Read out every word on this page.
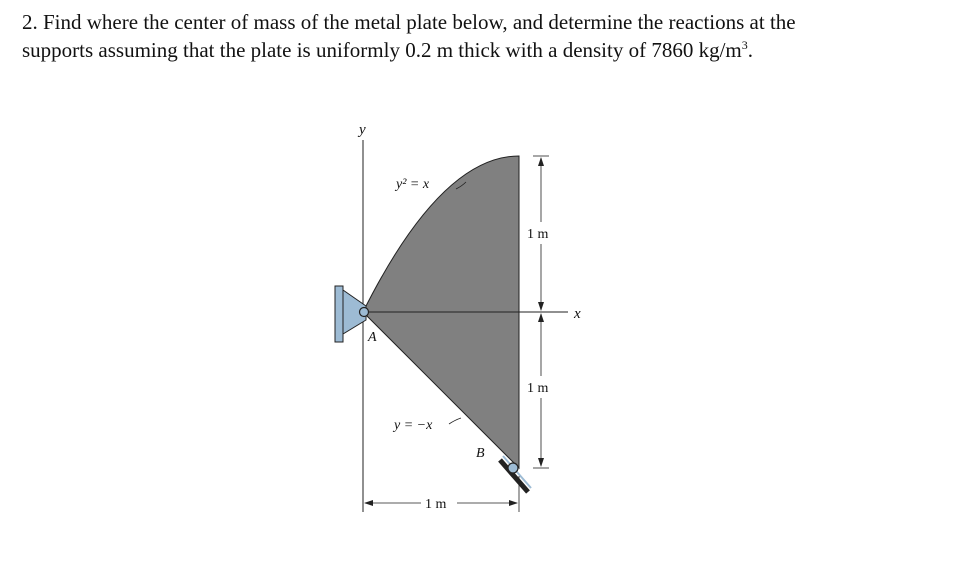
2. Find where the center of mass of the metal plate below, and determine the reactions at the
supports assuming that the plate is uniformly 0.2 m thick with a density of 7860 $kg/m^3$.
y
x
A
B
y² = x
y = −x
1 m
1 m
1 m
